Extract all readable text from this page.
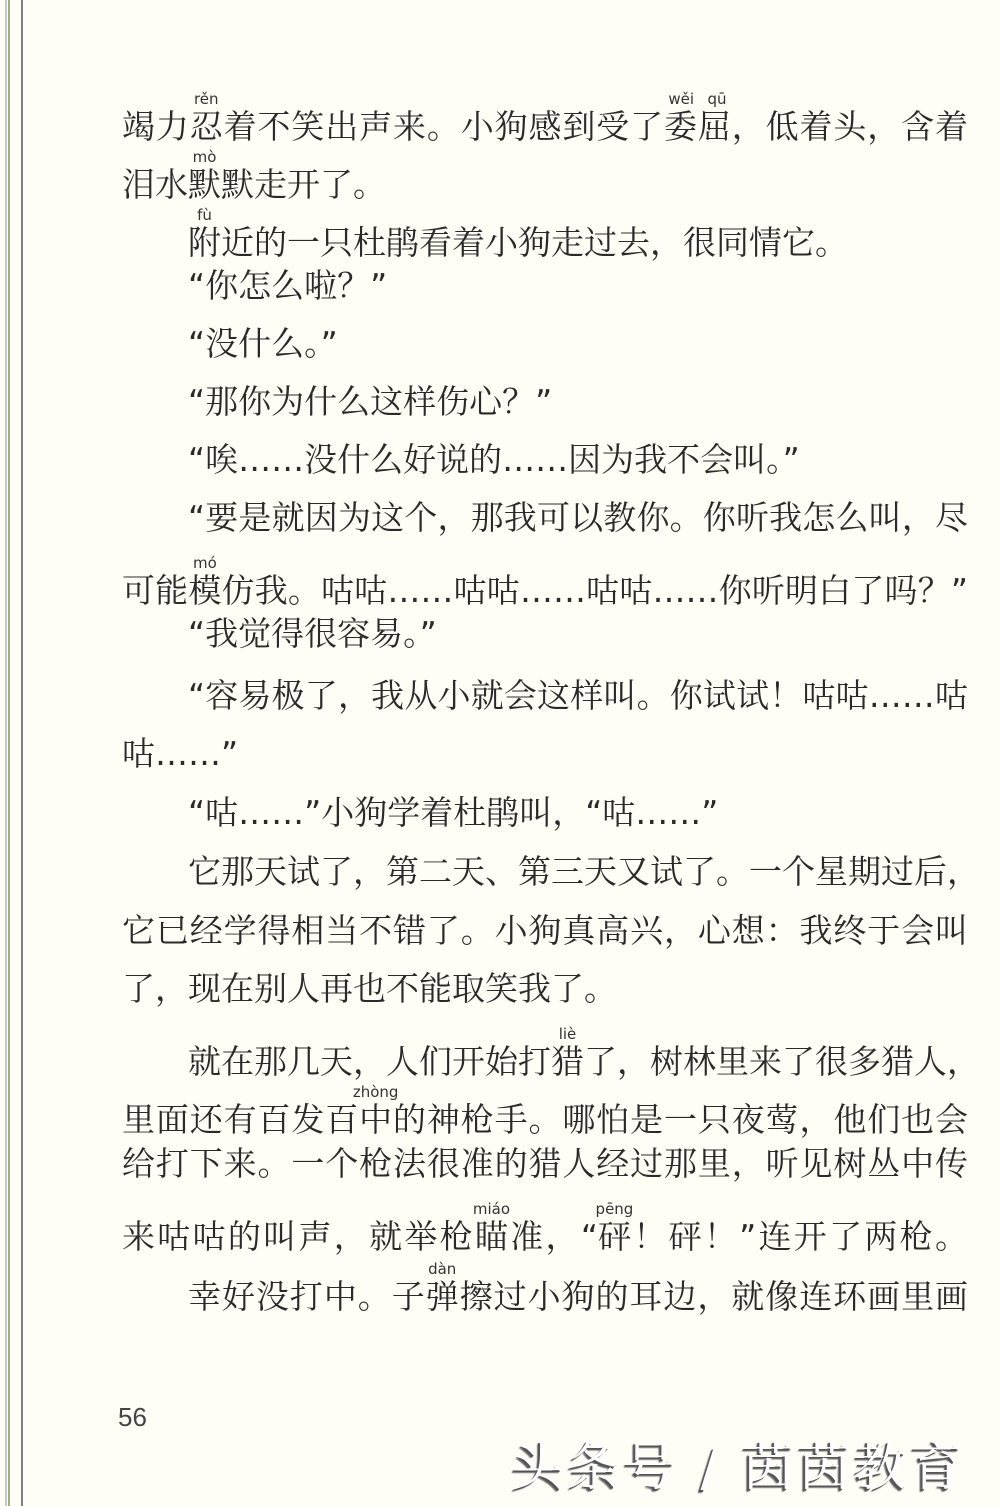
竭力忍rěn着不笑出声来。小狗感到受了委屈wěi qū，低着头，含着
泪水默mò默走开了。
附fù近的一只杜鹃看着小狗走过去，很同情它。
“你怎么啦？”
“没什么。”
“那你为什么这样伤心？”
“唉……没什么好说的……因为我不会叫。”
“要是就因为这个，那我可以教你。你听我怎么叫，尽
可能模mó仿我。咕咕……咕咕……咕咕……你听明白了吗？”
“我觉得很容易。”
“容易极了，我从小就会这样叫。你试试！咕咕……咕
咕……”
“咕……”小狗学着杜鹃叫，“咕……”
它那天试了，第二天、第三天又试了。一个星期过后，
它已经学得相当不错了。小狗真高兴，心想：我终于会叫
了，现在别人再也不能取笑我了。
就在那几天，人们开始打猎liè了，树林里来了很多猎人，
里面还有百发百中zhòng的神枪手。哪怕是一只夜莺，他们也会
给打下来。一个枪法很准的猎人经过那里，听见树丛中传
来咕咕的叫声，就举枪瞄miáo准，“砰pēng！砰！”连开了两枪。
幸好没打中。子弹dàn擦过小狗的耳边，就像连环画里画
56
头条号 / 茵茵教育
